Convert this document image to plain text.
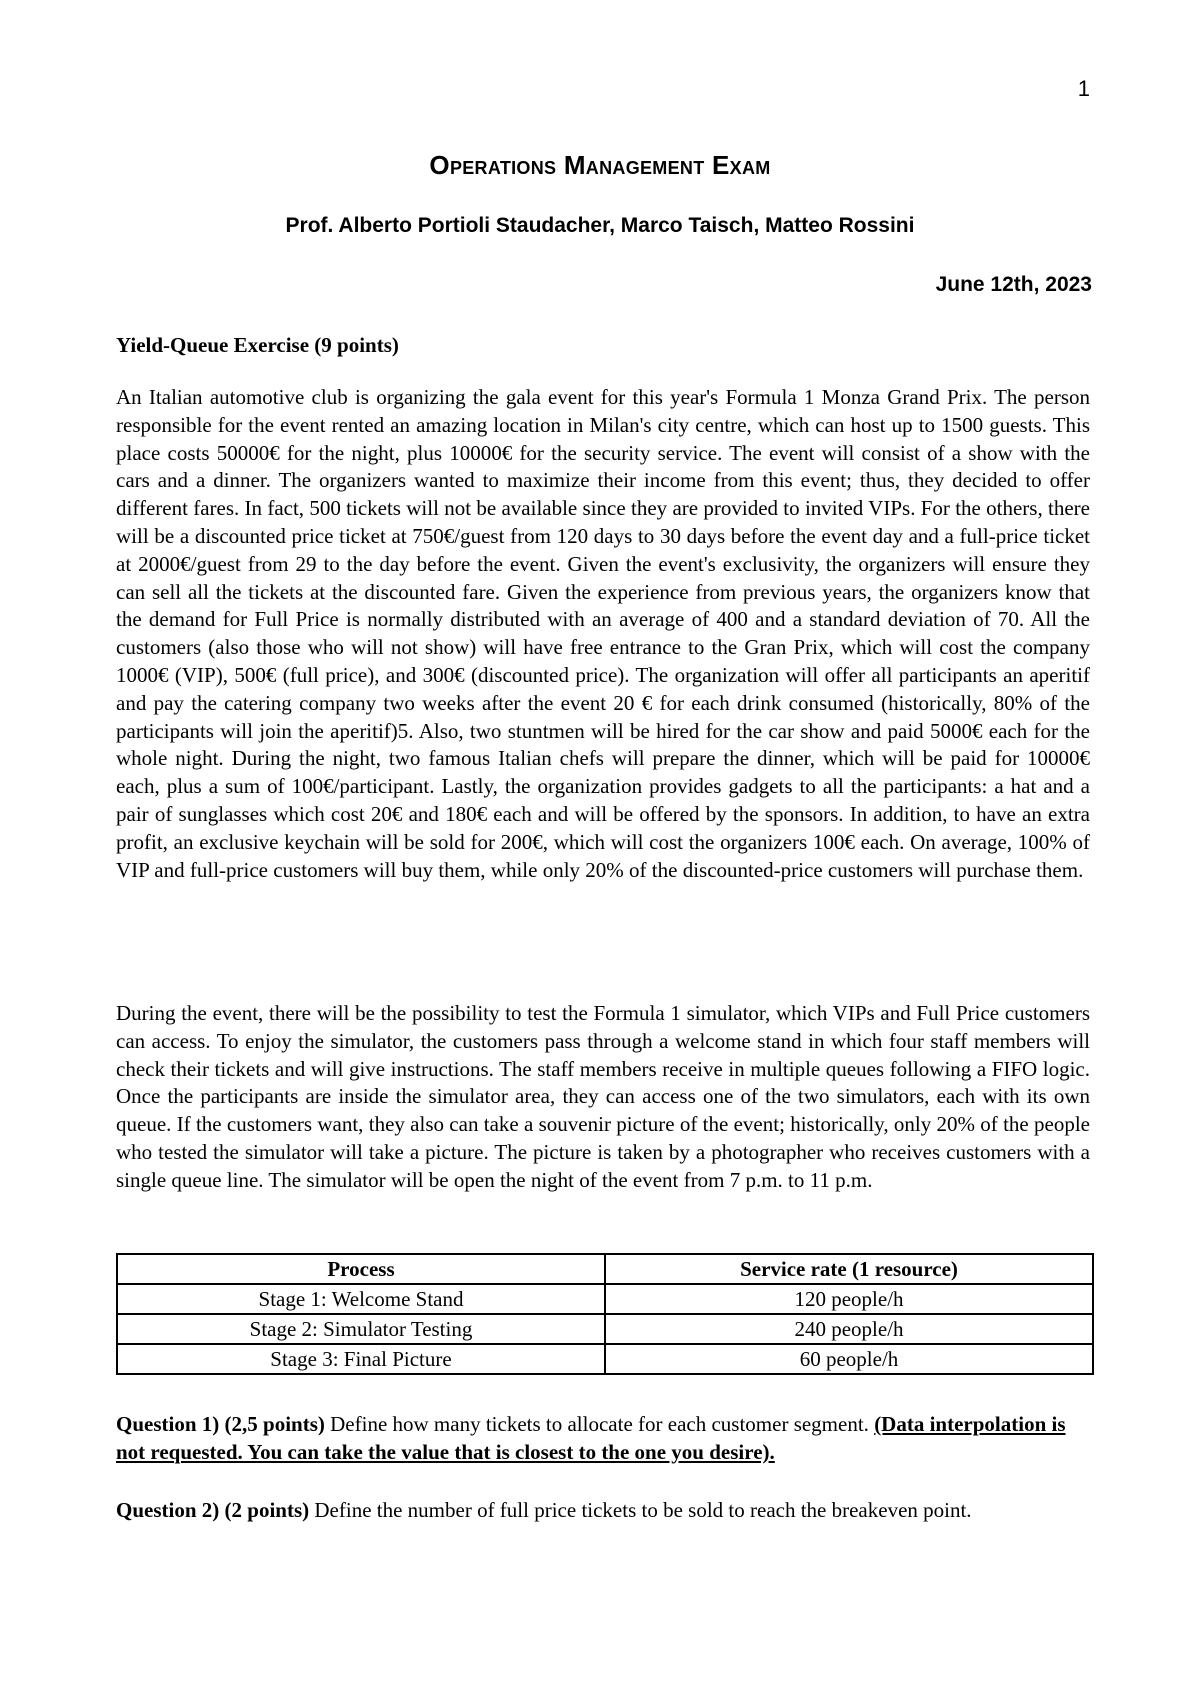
1
Operations Management Exam
Prof. Alberto Portioli Staudacher, Marco Taisch, Matteo Rossini
June 12th, 2023
Yield-Queue Exercise (9 points)

An Italian automotive club is organizing the gala event for this year's Formula 1 Monza Grand Prix. The person responsible for the event rented an amazing location in Milan's city centre, which can host up to 1500 guests. This place costs 50000€ for the night, plus 10000€ for the security service. The event will consist of a show with the cars and a dinner. The organizers wanted to maximize their income from this event; thus, they decided to offer different fares. In fact, 500 tickets will not be available since they are provided to invited VIPs. For the others, there will be a discounted price ticket at 750€/guest from 120 days to 30 days before the event day and a full-price ticket at 2000€/guest from 29 to the day before the event. Given the event's exclusivity, the organizers will ensure they can sell all the tickets at the discounted fare. Given the experience from previous years, the organizers know that the demand for Full Price is normally distributed with an average of 400 and a standard deviation of 70. All the customers (also those who will not show) will have free entrance to the Gran Prix, which will cost the company 1000€ (VIP), 500€ (full price), and 300€ (discounted price). The organization will offer all participants an aperitif and pay the catering company two weeks after the event 20 € for each drink consumed (historically, 80% of the participants will join the aperitif)5. Also, two stuntmen will be hired for the car show and paid 5000€ each for the whole night. During the night, two famous Italian chefs will prepare the dinner, which will be paid for 10000€ each, plus a sum of 100€/participant. Lastly, the organization provides gadgets to all the participants: a hat and a pair of sunglasses which cost 20€ and 180€ each and will be offered by the sponsors. In addition, to have an extra profit, an exclusive keychain will be sold for 200€, which will cost the organizers 100€ each. On average, 100% of VIP and full-price customers will buy them, while only 20% of the discounted-price customers will purchase them.

During the event, there will be the possibility to test the Formula 1 simulator, which VIPs and Full Price customers can access. To enjoy the simulator, the customers pass through a welcome stand in which four staff members will check their tickets and will give instructions. The staff members receive in multiple queues following a FIFO logic. Once the participants are inside the simulator area, they can access one of the two simulators, each with its own queue. If the customers want, they also can take a souvenir picture of the event; historically, only 20% of the people who tested the simulator will take a picture. The picture is taken by a photographer who receives customers with a single queue line. The simulator will be open the night of the event from 7 p.m. to 11 p.m.

Process	Service rate (1 resource)
Stage 1: Welcome Stand	120 people/h
Stage 2: Simulator Testing	240 people/h
Stage 3: Final Picture	60 people/h
Question 1) (2,5 points) Define how many tickets to allocate for each customer segment. (Data interpolation is not requested. You can take the value that is closest to the one you desire).
Question 2) (2 points) Define the number of full price tickets to be sold to reach the breakeven point.
